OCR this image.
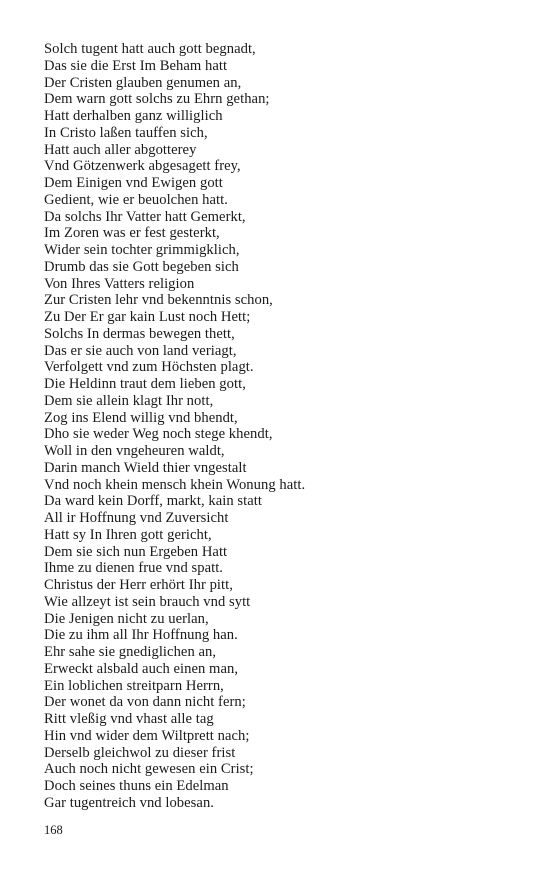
Solch tugent hatt auch gott begnadt,
Das sie die Erst Im Beham hatt
Der Cristen glauben genumen an,
Dem warn gott solchs zu Ehrn gethan;
Hatt derhalben ganz williglich
In Cristo laßen tauffen sich,
Hatt auch aller abgotterey
Vnd Götzenwerk abgesagett frey,
Dem Einigen vnd Ewigen gott
Gedient, wie er beuolchen hatt.
Da solchs Ihr Vatter hatt Gemerkt,
Im Zoren was er fest gesterkt,
Wider sein tochter grimmigklich,
Drumb das sie Gott begeben sich
Von Ihres Vatters religion
Zur Cristen lehr vnd bekenntnis schon,
Zu Der Er gar kain Lust noch Hett;
Solchs In dermas bewegen thett,
Das er sie auch von land veriagt,
Verfolgett vnd zum Höchsten plagt.
Die Heldinn traut dem lieben gott,
Dem sie allein klagt Ihr nott,
Zog ins Elend willig vnd bhendt,
Dho sie weder Weg noch stege khendt,
Woll in den vngeheuren waldt,
Darin manch Wield thier vngestalt
Vnd noch khein mensch khein Wonung hatt.
Da ward kein Dorff, markt, kain statt
All ir Hoffnung vnd Zuversicht
Hatt sy In Ihren gott gericht,
Dem sie sich nun Ergeben Hatt
Ihme zu dienen frue vnd spatt.
Christus der Herr erhört Ihr pitt,
Wie allzeyt ist sein brauch vnd sytt
Die Jenigen nicht zu uerlan,
Die zu ihm all Ihr Hoffnung han.
Ehr sahe sie gnediglichen an,
Erweckt alsbald auch einen man,
Ein loblichen streitparn Herrn,
Der wonet da von dann nicht fern;
Ritt vleßig vnd vhast alle tag
Hin vnd wider dem Wiltprett nach;
Derselb gleichwol zu dieser frist
Auch noch nicht gewesen ein Crist;
Doch seines thuns ein Edelman
Gar tugentreich vnd lobesan.
168
